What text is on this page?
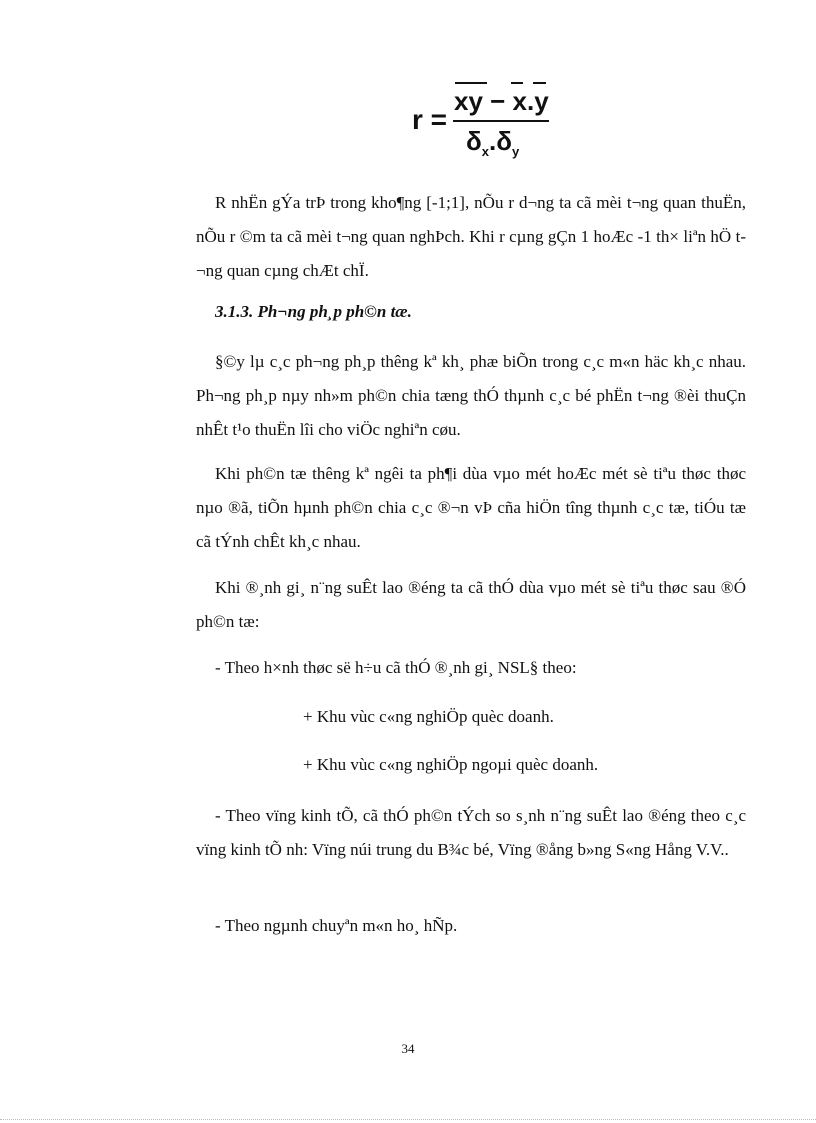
r =
xy − x.y
$\delta_x.\delta_y$

R nhËn gÝa trÞ trong kho¶ng [-1;1], nÕu r d¬ng ta cã mèi t¬ng quan thuËn, nÕu r ©m ta cã mèi t¬ng quan nghÞch. Khi r cµng gÇn 1 hoÆc -1 th× liªn hÖ t¬ng quan cµng chÆt chÏ.

3.1.3. Ph¬ng ph¸p ph©n tæ.

§©y lµ c¸c ph¬ng ph¸p thêng kª kh¸ phæ biÕn trong c¸c m«n häc kh¸c nhau. Ph¬ng ph¸p nµy nh»m ph©n chia tæng thÓ thµnh c¸c bé phËn t¬ng ®èi thuÇn nhÊt t¹o thuËn lîi cho viÖc nghiªn cøu.

Khi ph©n tæ thêng kª ngêi ta ph¶i dùa vµo mét hoÆc mét sè tiªu thøc thøc nµo ®ã, tiÕn hµnh ph©n chia c¸c ®¬n vÞ cña hiÖn tîng thµnh c¸c tæ, tiÓu tæ cã tÝnh chÊt kh¸c nhau.

Khi ®¸nh gi¸ n¨ng suÊt lao ®éng ta cã thÓ dùa vµo mét sè tiªu thøc sau ®Ó ph©n tæ:

- Theo h×nh thøc së h÷u cã thÓ ®¸nh gi¸ NSL§ theo:

+ Khu vùc c«ng nghiÖp quèc doanh.

+ Khu vùc c«ng nghiÖp ngoµi quèc doanh.

- Theo vïng kinh tÕ, cã thÓ ph©n tÝch so s¸nh n¨ng suÊt lao ®éng theo c¸c vïng kinh tÕ nh: Vïng núi trung du B¾c bé, Vïng ®ång b»ng S«ng Hång V.V..

- Theo ngµnh chuyªn m«n ho¸ hÑp.

34
